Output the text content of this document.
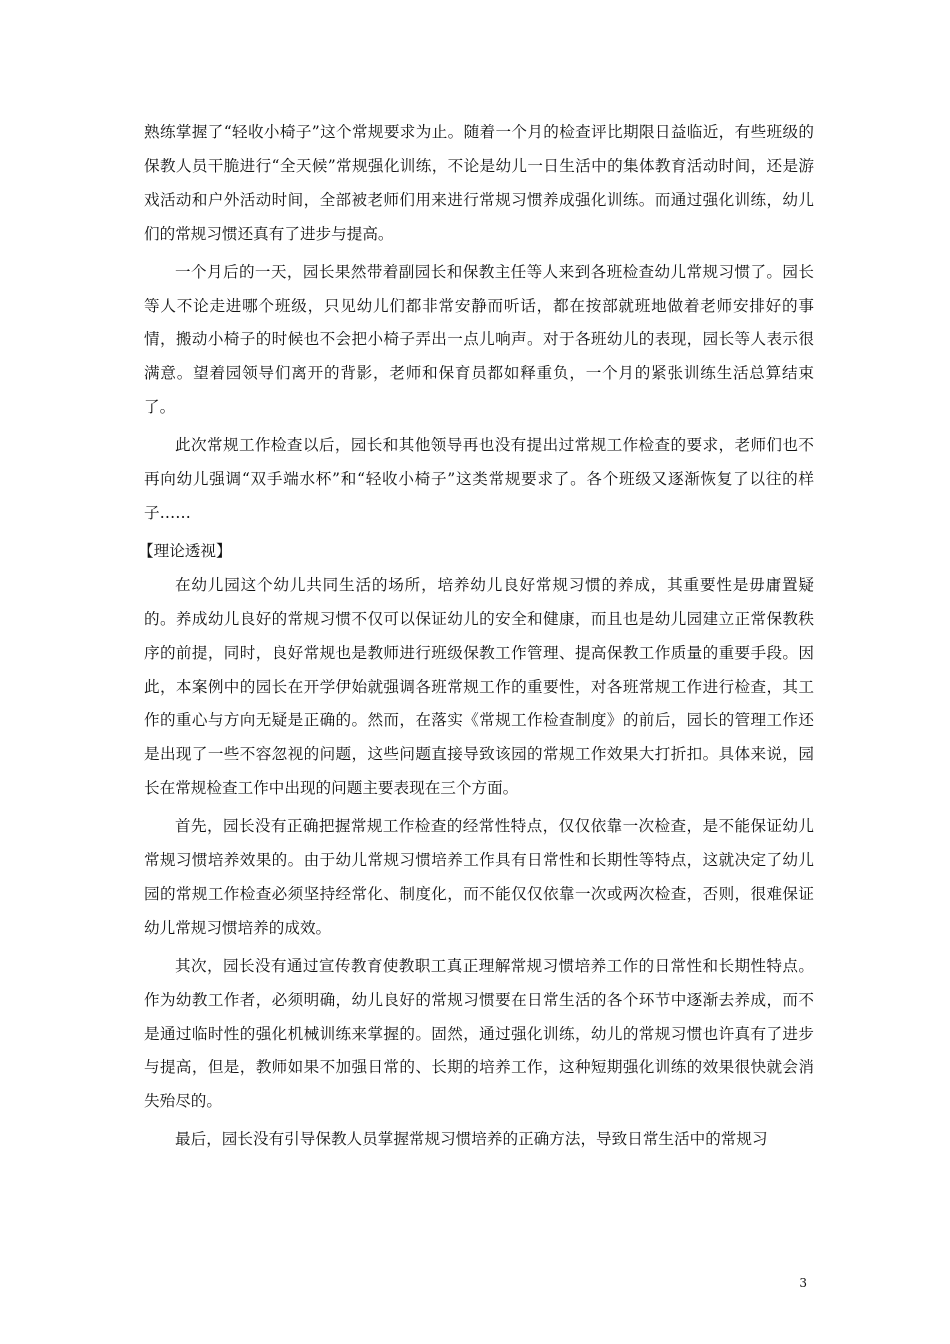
熟练掌握了“轻收小椅子”这个常规要求为止。随着一个月的检查评比期限日益临近，有些班级的保教人员干脆进行“全天候”常规强化训练，不论是幼儿一日生活中的集体教育活动时间，还是游戏活动和户外活动时间，全部被老师们用来进行常规习惯养成强化训练。而通过强化训练，幼儿们的常规习惯还真有了进步与提高。

一个月后的一天，园长果然带着副园长和保教主任等人来到各班检查幼儿常规习惯了。园长等人不论走进哪个班级，只见幼儿们都非常安静而听话，都在按部就班地做着老师安排好的事情，搬动小椅子的时候也不会把小椅子弄出一点儿响声。对于各班幼儿的表现，园长等人表示很满意。望着园领导们离开的背影，老师和保育员都如释重负，一个月的紧张训练生活总算结束了。

此次常规工作检查以后，园长和其他领导再也没有提出过常规工作检查的要求，老师们也不再向幼儿强调“双手端水杯”和“轻收小椅子”这类常规要求了。各个班级又逐渐恢复了以往的样子……

【理论透视】

在幼儿园这个幼儿共同生活的场所，培养幼儿良好常规习惯的养成，其重要性是毋庸置疑的。养成幼儿良好的常规习惯不仅可以保证幼儿的安全和健康，而且也是幼儿园建立正常保教秩序的前提，同时，良好常规也是教师进行班级保教工作管理、提高保教工作质量的重要手段。因此，本案例中的园长在开学伊始就强调各班常规工作的重要性，对各班常规工作进行检查，其工作的重心与方向无疑是正确的。然而，在落实《常规工作检查制度》的前后，园长的管理工作还是出现了一些不容忽视的问题，这些问题直接导致该园的常规工作效果大打折扣。具体来说，园长在常规检查工作中出现的问题主要表现在三个方面。

首先，园长没有正确把握常规工作检查的经常性特点，仅仅依靠一次检查，是不能保证幼儿常规习惯培养效果的。由于幼儿常规习惯培养工作具有日常性和长期性等特点，这就决定了幼儿园的常规工作检查必须坚持经常化、制度化，而不能仅仅依靠一次或两次检查，否则，很难保证幼儿常规习惯培养的成效。

其次，园长没有通过宣传教育使教职工真正理解常规习惯培养工作的日常性和长期性特点。作为幼教工作者，必须明确，幼儿良好的常规习惯要在日常生活的各个环节中逐渐去养成，而不是通过临时性的强化机械训练来掌握的。固然，通过强化训练，幼儿的常规习惯也许真有了进步与提高，但是，教师如果不加强日常的、长期的培养工作，这种短期强化训练的效果很快就会消失殆尽的。

最后，园长没有引导保教人员掌握常规习惯培养的正确方法，导致日常生活中的常规习

3
